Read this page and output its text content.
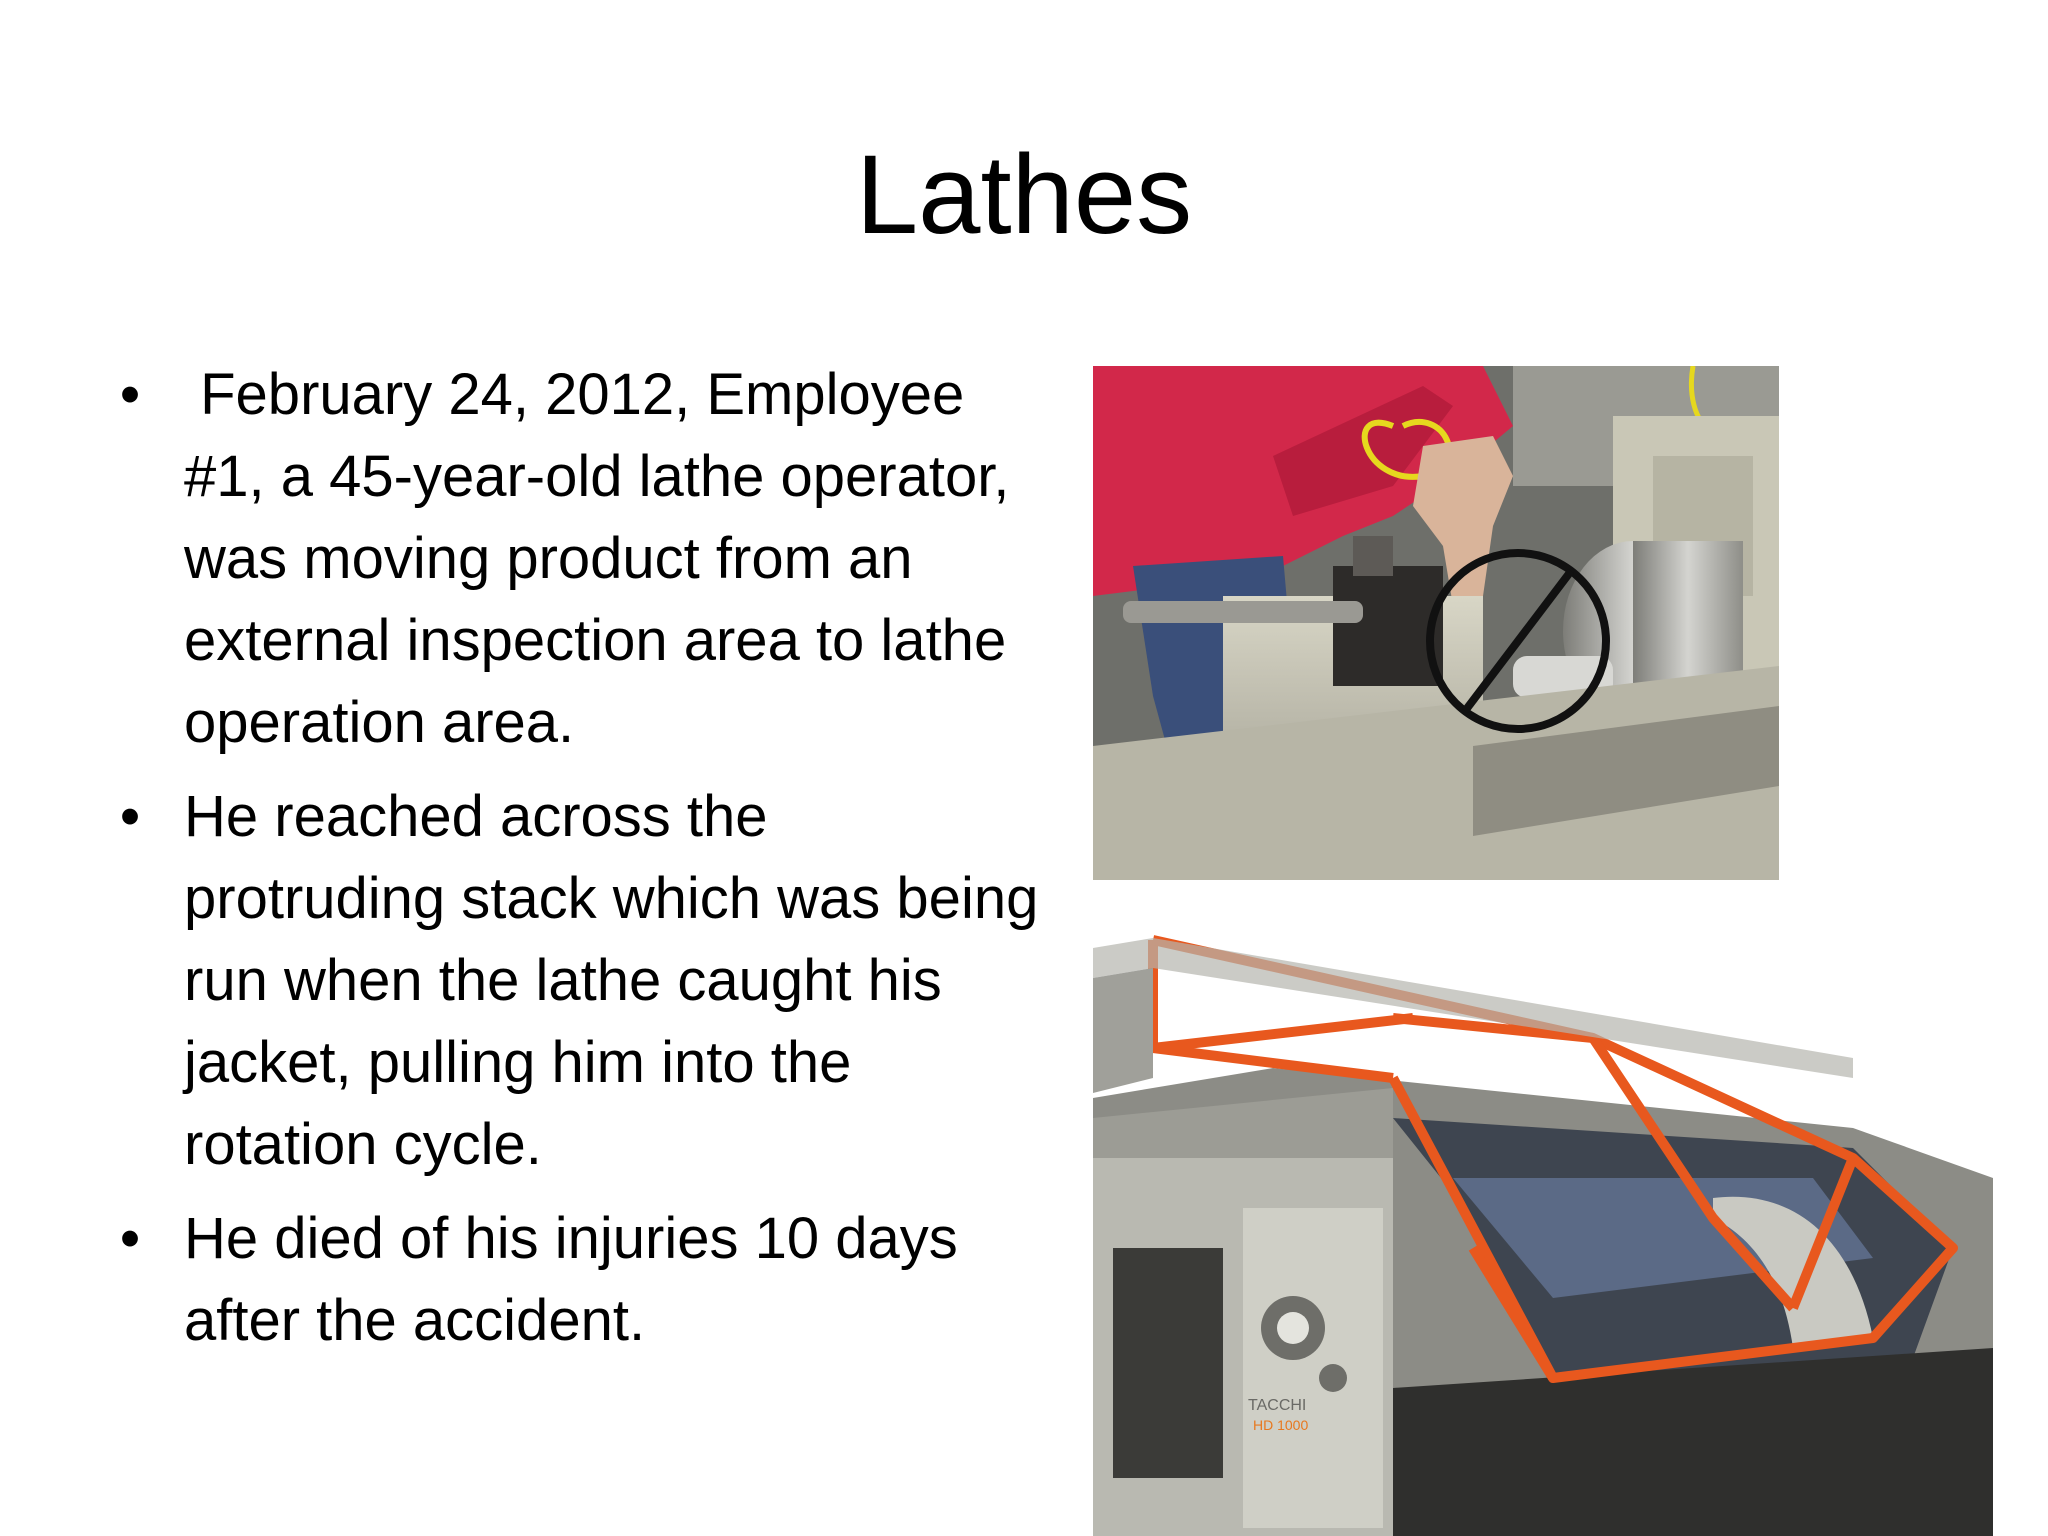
Lathes
• February 24, 2012, Employee #1, a 45-year-old lathe operator, was moving product from an external inspection area to lathe operation area.
• He reached across the protruding stack which was being run when the lathe caught his jacket, pulling him into the rotation cycle.
• He died of his injuries 10 days after the accident.
TACCHI
HD 1000
